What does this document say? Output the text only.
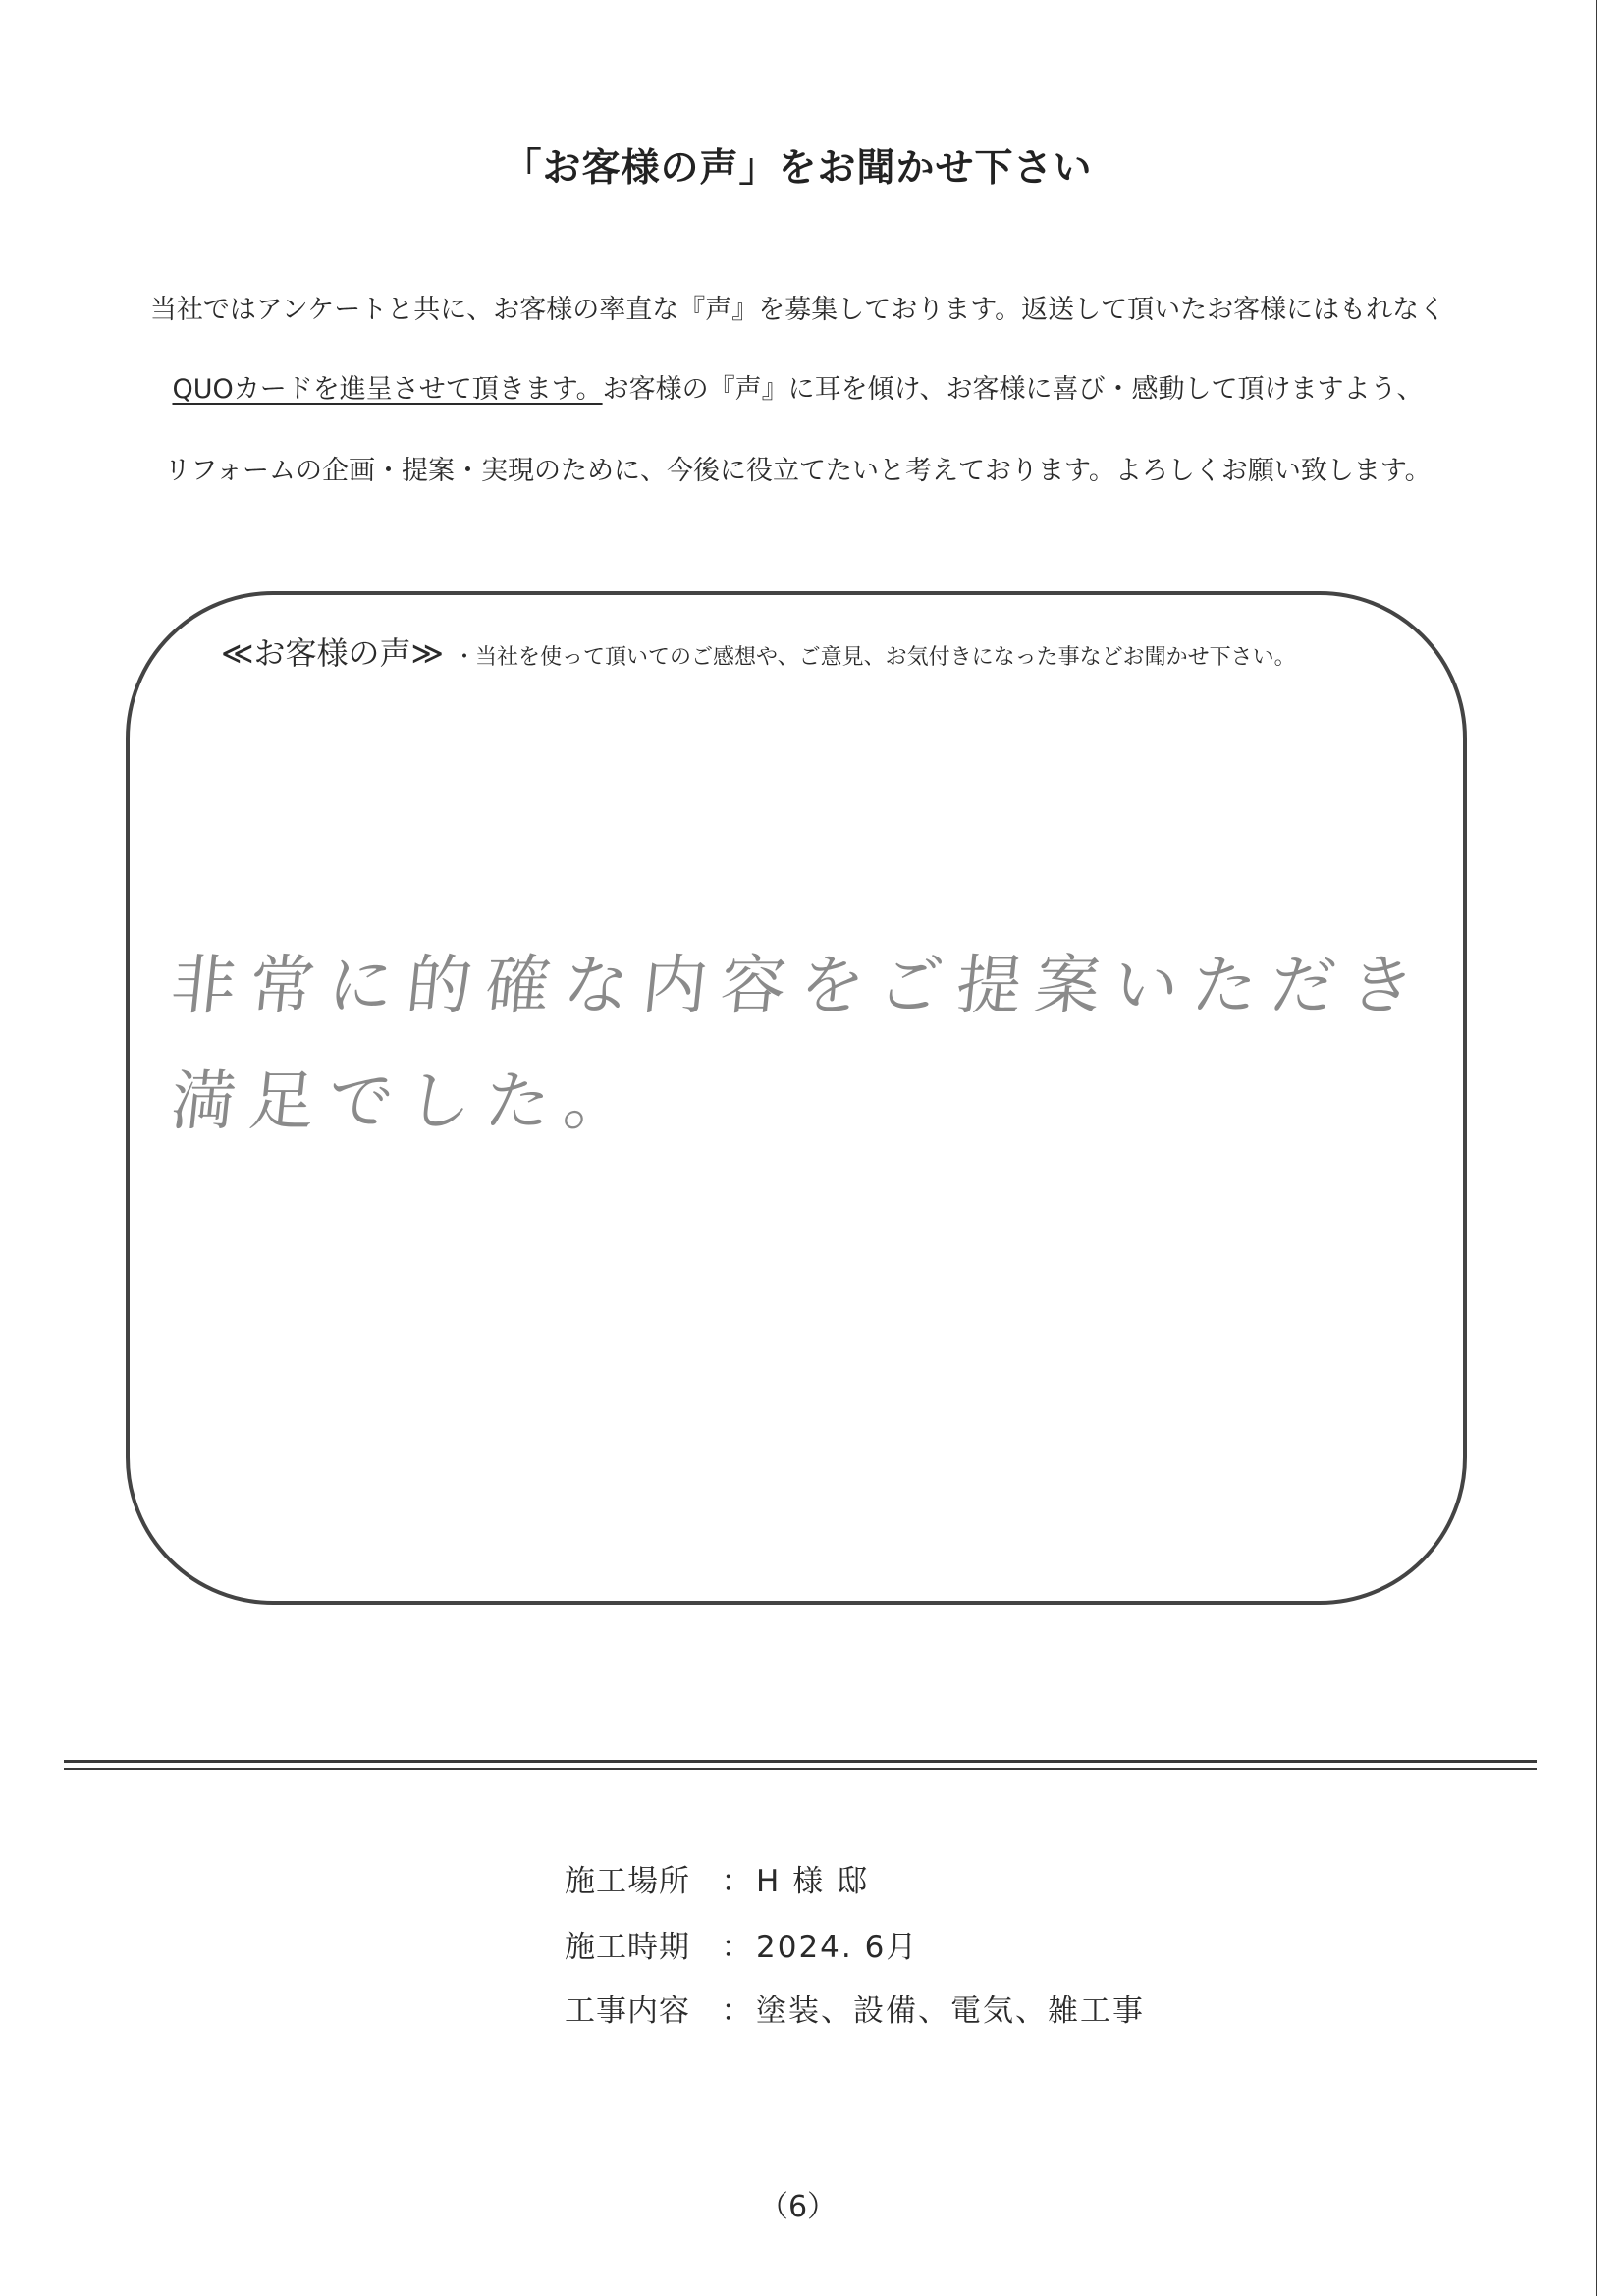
「お客様の声」をお聞かせ下さい
当社ではアンケートと共に、お客様の率直な『声』を募集しております。返送して頂いたお客様にはもれなく
QUOカードを進呈させて頂きます。お客様の『声』に耳を傾け、お客様に喜び・感動して頂けますよう、
リフォームの企画・提案・実現のために、今後に役立てたいと考えております。よろしくお願い致します。
≪お客様の声≫ ・当社を使って頂いてのご感想や、ご意見、お気付きになった事などお聞かせ下さい。
非常に的確な内容をご提案いただき
満足でした。
施工場所 ： H 様 邸
施工時期 ： 2024. 6月
工事内容 ： 塗装、設備、電気、雑工事
（6）
